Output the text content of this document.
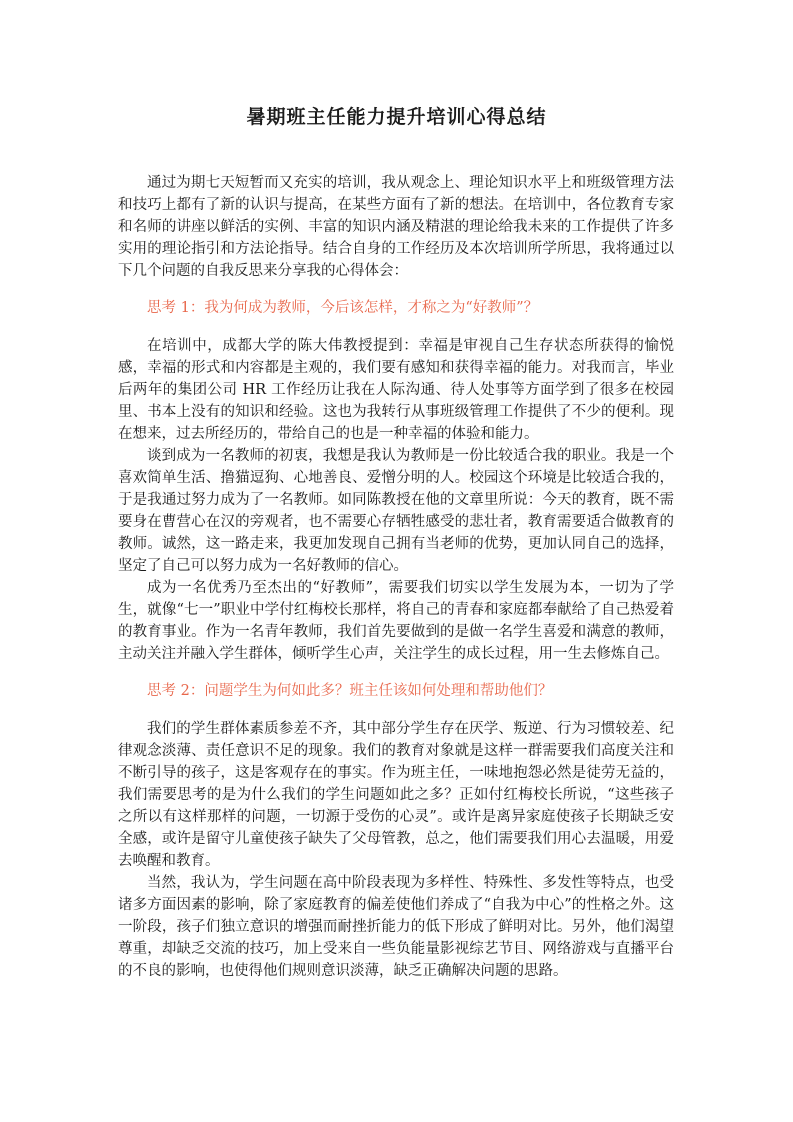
暑期班主任能力提升培训心得总结

通过为期七天短暂而又充实的培训，我从观念上、理论知识水平上和班级管理方法和技巧上都有了新的认识与提高，在某些方面有了新的想法。在培训中，各位教育专家和名师的讲座以鲜活的实例、丰富的知识内涵及精湛的理论给我未来的工作提供了许多实用的理论指引和方法论指导。结合自身的工作经历及本次培训所学所思，我将通过以下几个问题的自我反思来分享我的心得体会：

思考 1：我为何成为教师，今后该怎样，才称之为“好教师”？

在培训中，成都大学的陈大伟教授提到：幸福是审视自己生存状态所获得的愉悦感，幸福的形式和内容都是主观的，我们要有感知和获得幸福的能力。对我而言，毕业后两年的集团公司 HR 工作经历让我在人际沟通、待人处事等方面学到了很多在校园里、书本上没有的知识和经验。这也为我转行从事班级管理工作提供了不少的便利。现在想来，过去所经历的，带给自己的也是一种幸福的体验和能力。

谈到成为一名教师的初衷，我想是我认为教师是一份比较适合我的职业。我是一个喜欢简单生活、撸猫逗狗、心地善良、爱憎分明的人。校园这个环境是比较适合我的，于是我通过努力成为了一名教师。如同陈教授在他的文章里所说：今天的教育，既不需要身在曹营心在汉的旁观者，也不需要心存牺牲感受的悲壮者，教育需要适合做教育的教师。诚然，这一路走来，我更加发现自己拥有当老师的优势，更加认同自己的选择，坚定了自己可以努力成为一名好教师的信心。

成为一名优秀乃至杰出的“好教师”，需要我们切实以学生发展为本，一切为了学生，就像“七一”职业中学付红梅校长那样，将自己的青春和家庭都奉献给了自己热爱着的教育事业。作为一名青年教师，我们首先要做到的是做一名学生喜爱和满意的教师，主动关注并融入学生群体，倾听学生心声，关注学生的成长过程，用一生去修炼自己。

思考 2：问题学生为何如此多？班主任该如何处理和帮助他们？

我们的学生群体素质参差不齐，其中部分学生存在厌学、叛逆、行为习惯较差、纪律观念淡薄、责任意识不足的现象。我们的教育对象就是这样一群需要我们高度关注和不断引导的孩子，这是客观存在的事实。作为班主任，一味地抱怨必然是徒劳无益的，我们需要思考的是为什么我们的学生问题如此之多？正如付红梅校长所说，“这些孩子之所以有这样那样的问题，一切源于受伤的心灵”。或许是离异家庭使孩子长期缺乏安全感，或许是留守儿童使孩子缺失了父母管教，总之，他们需要我们用心去温暖，用爱去唤醒和教育。

当然，我认为，学生问题在高中阶段表现为多样性、特殊性、多发性等特点，也受诸多方面因素的影响，除了家庭教育的偏差使他们养成了“自我为中心”的性格之外。这一阶段，孩子们独立意识的增强而耐挫折能力的低下形成了鲜明对比。另外，他们渴望尊重，却缺乏交流的技巧，加上受来自一些负能量影视综艺节目、网络游戏与直播平台的不良的影响，也使得他们规则意识淡薄，缺乏正确解决问题的思路。
